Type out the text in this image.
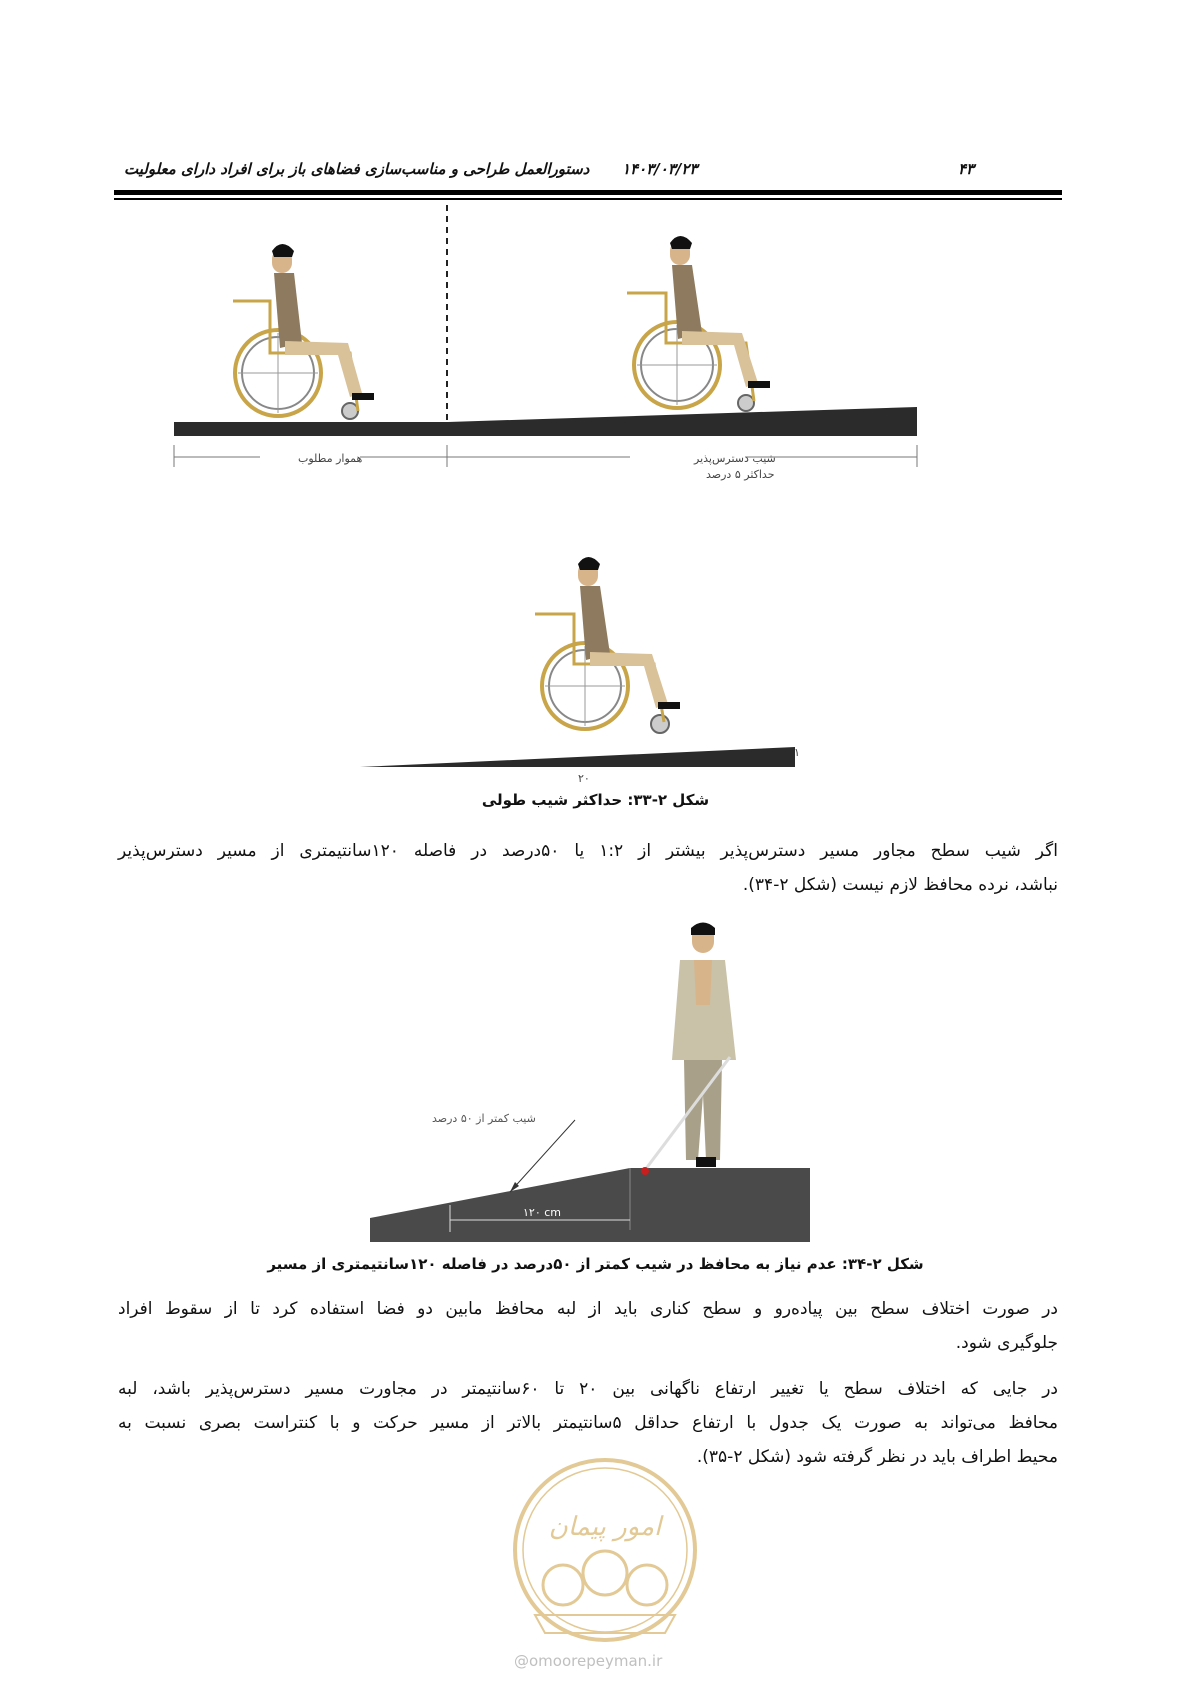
۴۳
۱۴۰۳/۰۳/۲۳
دستورالعمل طراحی و مناسب‌سازی فضاهای باز برای افراد دارای معلولیت
هموار مطلوب	شیب دسترس‌پذیر
حداکثر ۵ درصد
۱
۲۰
شکل ۲-۳۳: حداکثر شیب طولی

اگر شیب سطح مجاور مسیر دسترس‌پذیر بیشتر از ۱:۲ یا ۵۰درصد در فاصله ۱۲۰سانتیمتری از مسیر دسترس‌پذیر

نباشد، نرده محافظ لازم نیست (شکل ۲-۳۴).

شیب کمتر از ۵۰ درصد
۱۲۰ cm
شکل ۲-۳۴: عدم نیاز به محافظ در شیب کمتر از ۵۰درصد در فاصله ۱۲۰سانتیمتری از مسیر

در صورت اختلاف سطح بین پیاده‌رو و سطح کناری باید از لبه محافظ مابین دو فضا استفاده کرد تا از سقوط افراد

جلوگیری شود.

در جایی که اختلاف سطح یا تغییر ارتفاع ناگهانی بین ۲۰ تا ۶۰سانتیمتر در مجاورت مسیر دسترس‌پذیر باشد، لبه

محافظ می‌تواند به صورت یک جدول با ارتفاع حداقل ۵سانتیمتر بالاتر از مسیر حرکت و با کنتراست بصری نسبت به

محیط اطراف باید در نظر گرفته شود (شکل ۲-۳۵).

امور پیمان
@omoorepeyman.ir
